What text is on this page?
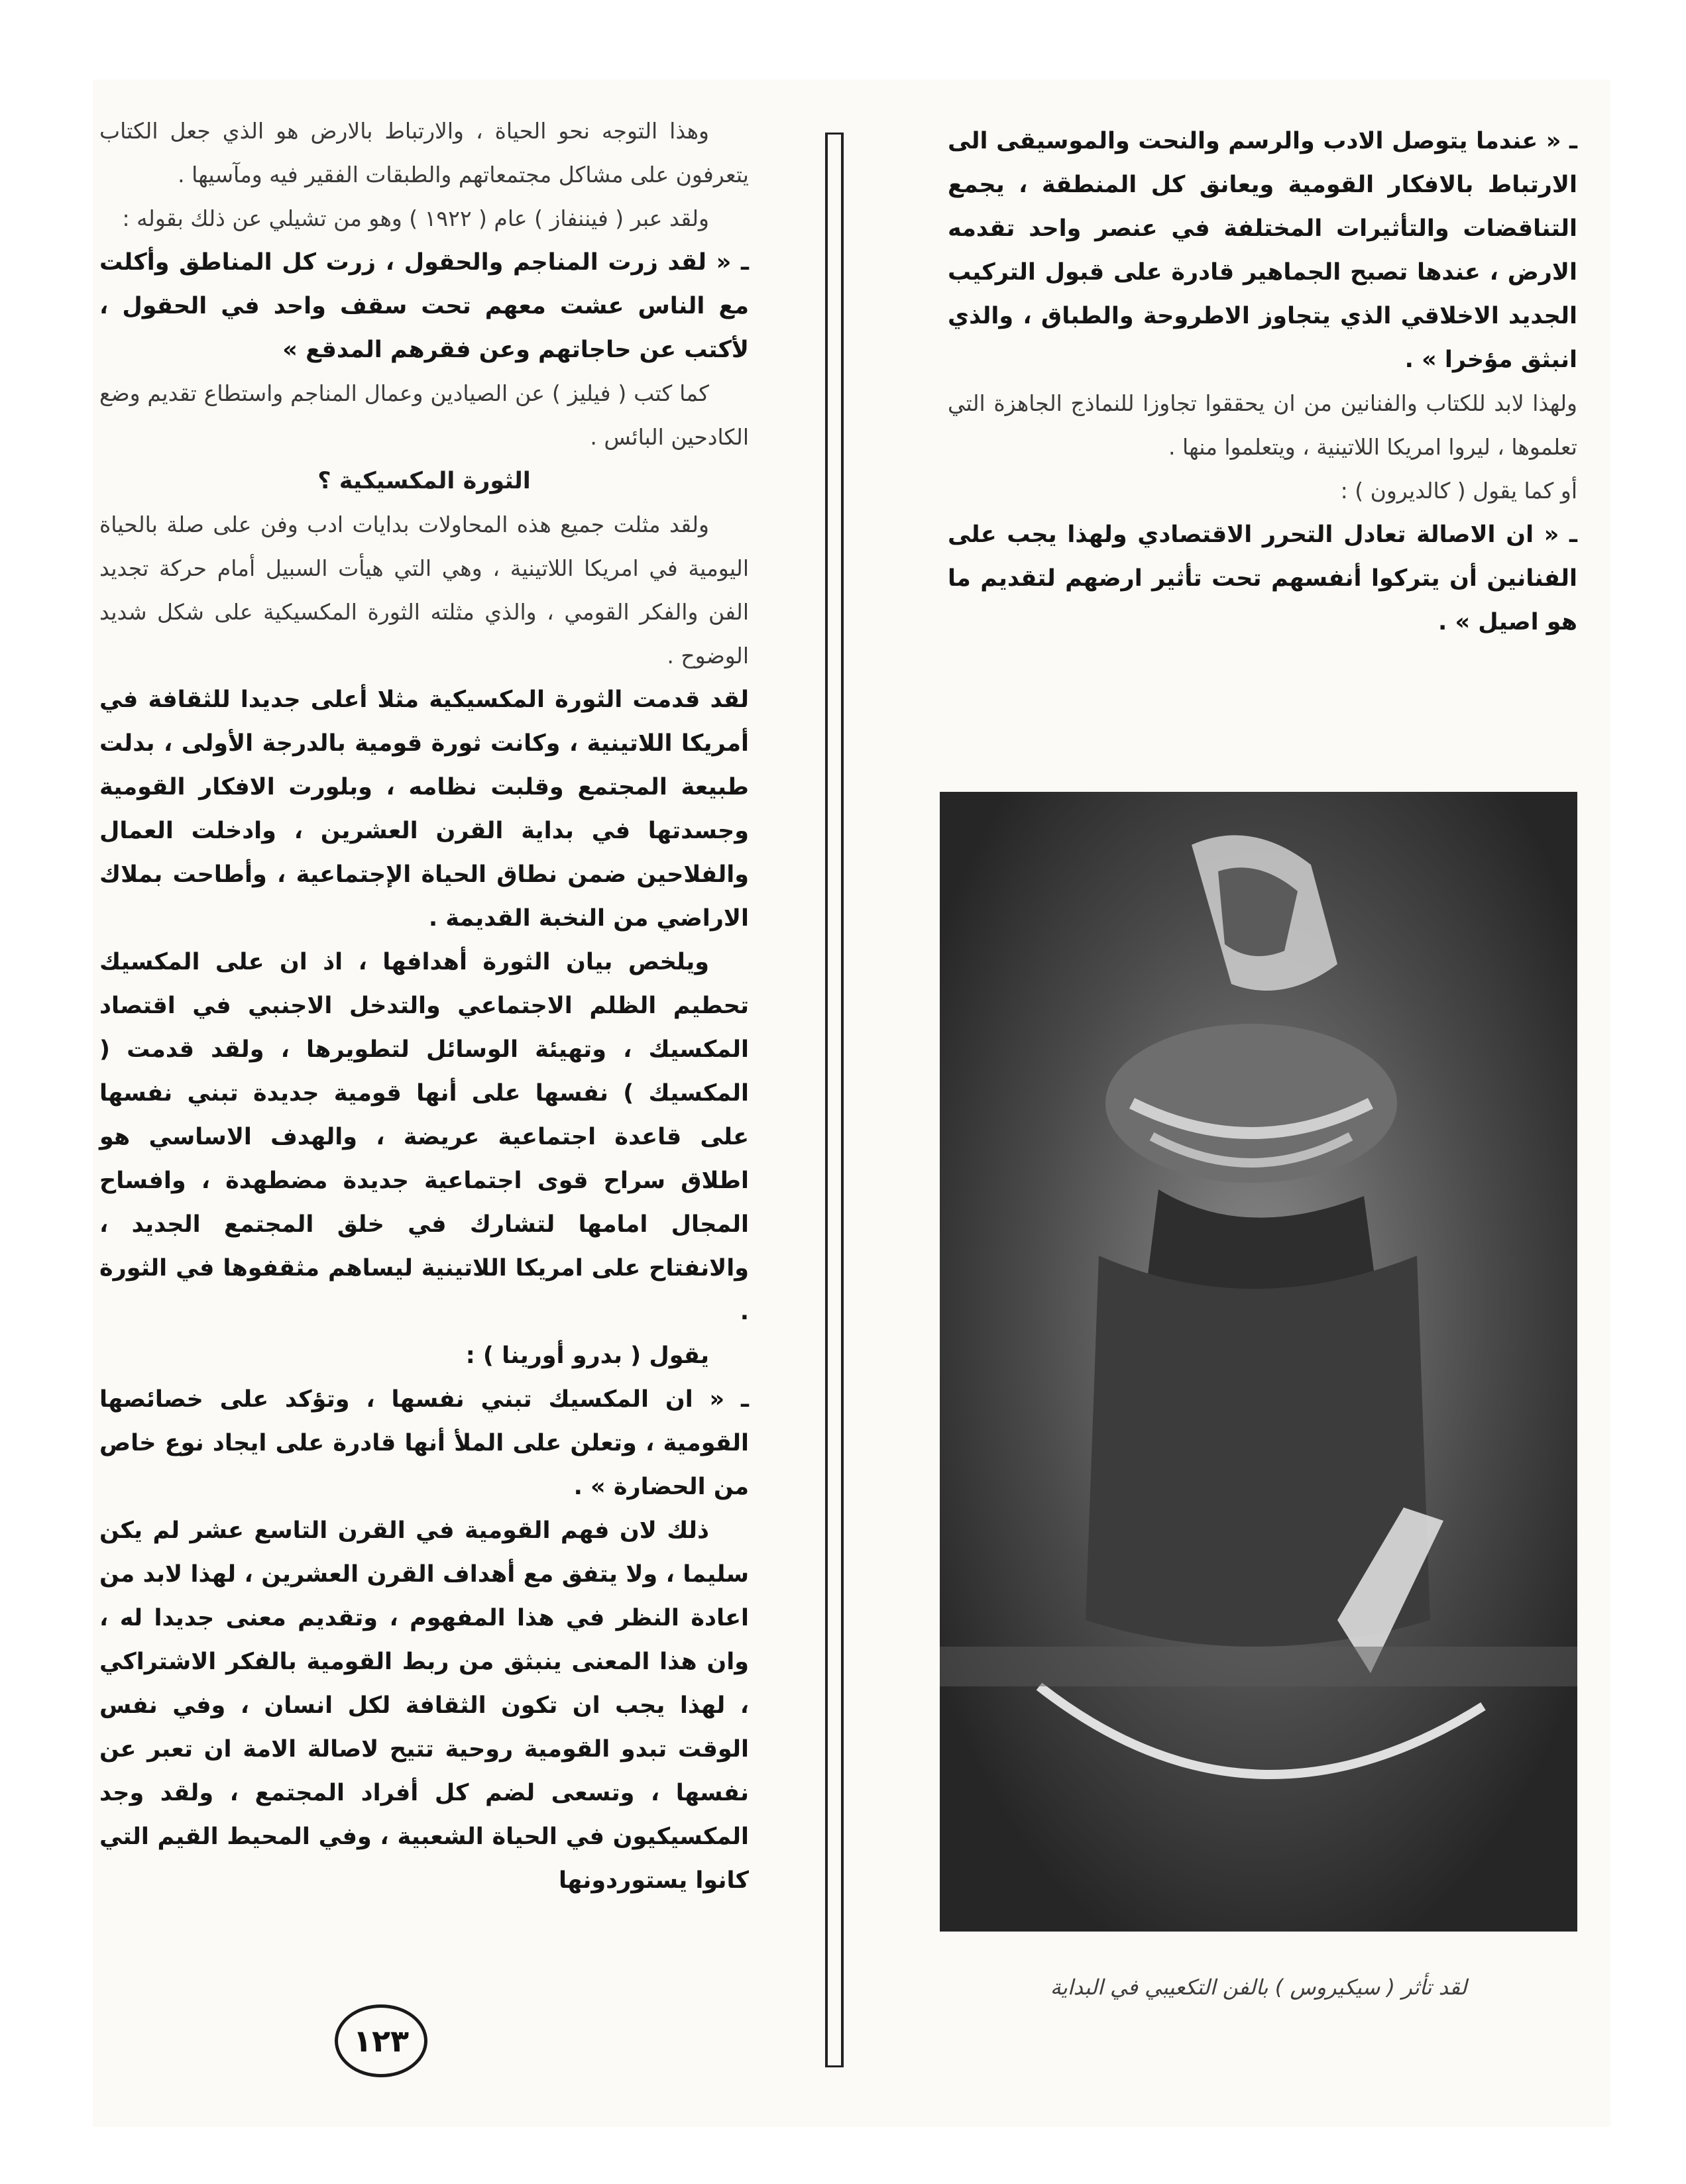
ـ « عندما يتوصل الادب والرسم والنحت والموسيقى الى الارتباط بالافكار القومية ويعانق كل المنطقة ، يجمع التناقضات والتأثيرات المختلفة في عنصر واحد تقدمه الارض ، عندها تصبح الجماهير قادرة على قبول التركيب الجديد الاخلاقي الذي يتجاوز الاطروحة والطباق ، والذي انبثق مؤخرا » .

ولهذا لابد للكتاب والفنانين من ان يحققوا تجاوزا للنماذج الجاهزة التي تعلموها ، ليروا امريكا اللاتينية ، ويتعلموا منها .

أو كما يقول ( كالديرون ) :

ـ « ان الاصالة تعادل التحرر الاقتصادي ولهذا يجب على الفنانين أن يتركوا أنفسهم تحت تأثير ارضهم لتقديم ما هو اصيل » .

لقد تأثر ( سيكيروس ) بالفن التكعيبي في البداية

وهذا التوجه نحو الحياة ، والارتباط بالارض هو الذي جعل الكتاب يتعرفون على مشاكل مجتمعاتهم والطبقات الفقير فيه ومآسيها .

ولقد عبر ( فيننفاز ) عام ( ١٩٢٢ ) وهو من تشيلي عن ذلك بقوله :

ـ « لقد زرت المناجم والحقول ، زرت كل المناطق وأكلت مع الناس عشت معهم تحت سقف واحد في الحقول ، لأكتب عن حاجاتهم وعن فقرهم المدقع »

كما كتب ( فيليز ) عن الصيادين وعمال المناجم واستطاع تقديم وضع الكادحين البائس .

الثورة المكسيكية ؟

ولقد مثلت جميع هذه المحاولات بدايات ادب وفن على صلة بالحياة اليومية في امريكا اللاتينية ، وهي التي هيأت السبيل أمام حركة تجديد الفن والفكر القومي ، والذي مثلته الثورة المكسيكية على شكل شديد الوضوح .

لقد قدمت الثورة المكسيكية مثلا أعلى جديدا للثقافة في أمريكا اللاتينية ، وكانت ثورة قومية بالدرجة الأولى ، بدلت طبيعة المجتمع وقلبت نظامه ، وبلورت الافكار القومية وجسدتها في بداية القرن العشرين ، وادخلت العمال والفلاحين ضمن نطاق الحياة الإجتماعية ، وأطاحت بملاك الاراضي من النخبة القديمة .

ويلخص بيان الثورة أهدافها ، اذ ان على المكسيك تحطيم الظلم الاجتماعي والتدخل الاجنبي في اقتصاد المكسيك ، وتهيئة الوسائل لتطويرها ، ولقد قدمت ( المكسيك ) نفسها على أنها قومية جديدة تبني نفسها على قاعدة اجتماعية عريضة ، والهدف الاساسي هو اطلاق سراح قوى اجتماعية جديدة مضطهدة ، وافساح المجال امامها لتشارك في خلق المجتمع الجديد ، والانفتاح على امريكا اللاتينية ليساهم مثقفوها في الثورة .

يقول ( بدرو أورينا ) :

ـ « ان المكسيك تبني نفسها ، وتؤكد على خصائصها القومية ، وتعلن على الملأ أنها قادرة على ايجاد نوع خاص من الحضارة » .

ذلك لان فهم القومية في القرن التاسع عشر لم يكن سليما ، ولا يتفق مع أهداف القرن العشرين ، لهذا لابد من اعادة النظر في هذا المفهوم ، وتقديم معنى جديدا له ، وان هذا المعنى ينبثق من ربط القومية بالفكر الاشتراكي ، لهذا يجب ان تكون الثقافة لكل انسان ، وفي نفس الوقت تبدو القومية روحية تتيح لاصالة الامة ان تعبر عن نفسها ، وتسعى لضم كل أفراد المجتمع ، ولقد وجد المكسيكيون في الحياة الشعبية ، وفي المحيط القيم التي كانوا يستوردونها

١٢٣
